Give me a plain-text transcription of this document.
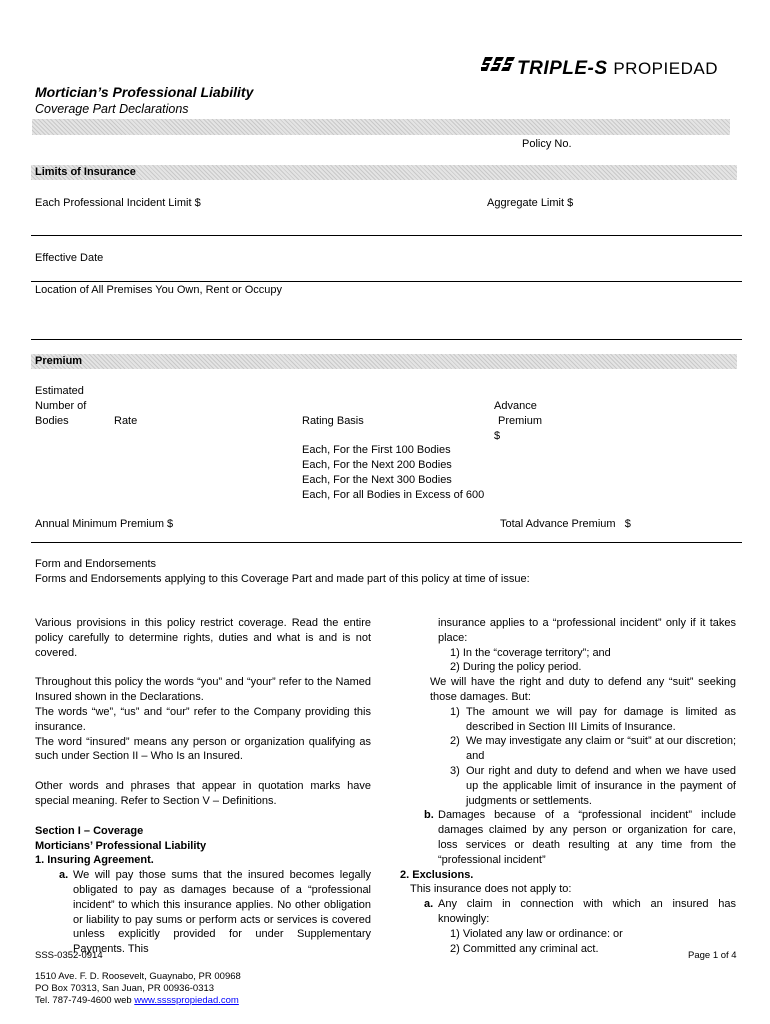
Mortician’s Professional Liability
Coverage Part Declarations
TRIPLE-S PROPIEDAD
Policy No.
Limits of Insurance
Each Professional Incident Limit $	Aggregate Limit $
Effective Date
Location of All Premises You Own, Rent or Occupy
Premium
Estimated
Number of
Bodies	Rate	Rating Basis
Advance
Premium
$
Each, For the First 100 Bodies
Each, For the Next 200 Bodies
Each, For the Next 300 Bodies
Each, For all Bodies in Excess of 600
Annual Minimum Premium $	Total Advance Premium   $
Form and Endorsements
Forms and Endorsements applying to this Coverage Part and made part of this policy at time of issue:

Various provisions in this policy restrict coverage. Read the entire policy carefully to determine rights, duties and what is and is not covered.

Throughout this policy the words “you” and “your” refer to the Named Insured shown in the Declarations.

The words “we”, “us” and “our” refer to the Company providing this insurance.

The word “insured” means any person or organization qualifying as such under Section II – Who Is an Insured.

Other words and phrases that appear in quotation marks have special meaning. Refer to Section V – Definitions.

Section I – Coverage

Morticians’ Professional Liability

1. Insuring Agreement.

a. We will pay those sums that the insured becomes legally obligated to pay as damages because of a “professional incident” to which this insurance applies. No other obligation or liability to pay sums or perform acts or services is covered unless explicitly provided for under Supplementary Payments. This

insurance applies to a “professional incident” only if it takes place:

1) In the “coverage territory”; and

2) During the policy period.

We will have the right and duty to defend any “suit” seeking those damages. But:

1) The amount we will pay for damage is limited as described in Section III Limits of Insurance.
2) We may investigate any claim or “suit” at our discretion; and
3) Our right and duty to defend and when we have used up the applicable limit of insurance in the payment of judgments or settlements.
b. Damages because of a “professional incident” include damages claimed by any person or organization for care, loss services or death resulting at any time from the “professional incident”

2. Exclusions.

This insurance does not apply to:

a. Any claim in connection with which an insured has knowingly:

1) Violated any law or ordinance: or

2) Committed any criminal act.

SSS-0352-0914	Page 1 of 4
1510 Ave. F. D. Roosevelt, Guaynabo, PR 00968
PO Box 70313, San Juan, PR 00936-0313
Tel. 787-749-4600 web www.sssspropiedad.com
